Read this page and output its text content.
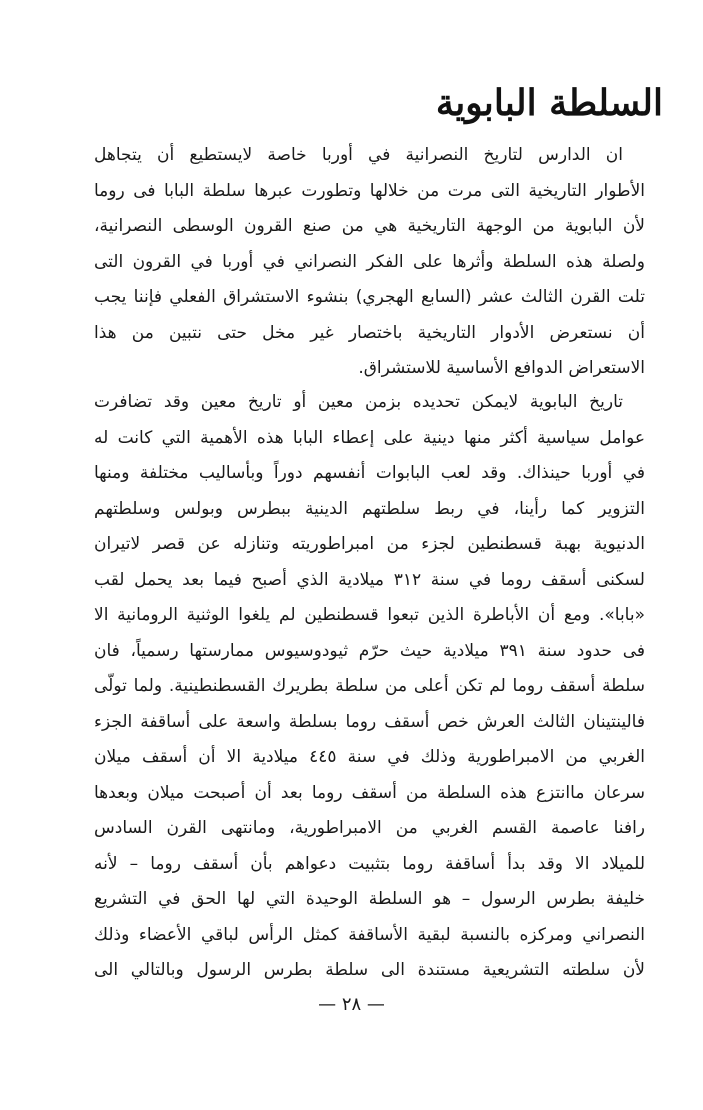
السلطة البابوية
ان الدارس لتاريخ النصرانية في أوربا خاصة لايستطيع أن يتجاهل
الأطوار التاريخية التى مرت من خلالها وتطورت عبرها سلطة البابا فى روما
لأن البابوية من الوجهة التاريخية هي من صنع القرون الوسطى النصرانية،
ولصلة هذه السلطة وأثرها على الفكر النصراني في أوربا في القرون التى
تلت القرن الثالث عشر (السابع الهجري) بنشوء الاستشراق الفعلي فإننا يجب
أن نستعرض الأدوار التاريخية باختصار غير مخل حتى نتبين من هذا
الاستعراض الدوافع الأساسية للاستشراق.
تاريخ البابوية لايمكن تحديده بزمن معين أو تاريخ معين وقد تضافرت
عوامل سياسية أكثر منها دينية على إعطاء البابا هذه الأهمية التي كانت له
في أوربا حينذاك. وقد لعب البابوات أنفسهم دوراً وبأساليب مختلفة ومنها
التزوير كما رأينا، في ربط سلطتهم الدينية ببطرس وبولس وسلطتهم
الدنيوية بهبة قسطنطين لجزء من امبراطوريته وتنازله عن قصر لاتيران
لسكنى أسقف روما في سنة ٣١٢ ميلادية الذي أصبح فيما بعد يحمل لقب
«بابا». ومع أن الأباطرة الذين تبعوا قسطنطين لم يلغوا الوثنية الرومانية الا
فى حدود سنة ٣٩١ ميلادية حيث حرّم ثيودوسيوس ممارستها رسمياً، فان
سلطة أسقف روما لم تكن أعلى من سلطة بطريرك القسطنطينية. ولما تولّى
فالينتينان الثالث العرش خص أسقف روما بسلطة واسعة على أساقفة الجزء
الغربي من الامبراطورية وذلك في سنة ٤٤٥ ميلادية الا أن أسقف ميلان
سرعان ماانتزع هذه السلطة من أسقف روما بعد أن أصبحت ميلان وبعدها
رافنا عاصمة القسم الغربي من الامبراطورية، ومانتهى القرن السادس
للميلاد الا وقد بدأ أساقفة روما بتثبيت دعواهم بأن أسقف روما – لأنه
خليفة بطرس الرسول – هو السلطة الوحيدة التي لها الحق في التشريع
النصراني ومركزه بالنسبة لبقية الأساقفة كمثل الرأس لباقي الأعضاء وذلك
لأن سلطته التشريعية مستندة الى سلطة بطرس الرسول وبالتالي الى
— ٢٨ —
